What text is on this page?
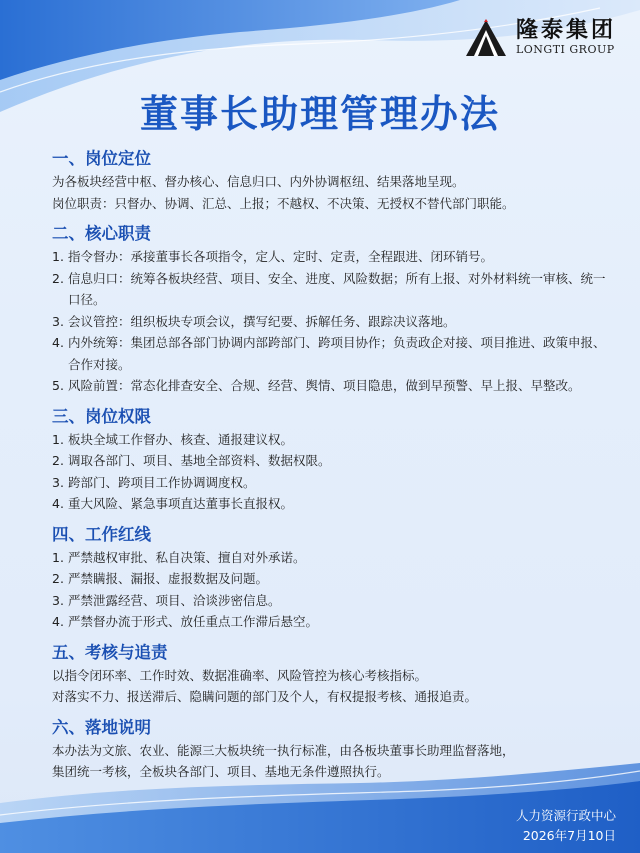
隆泰集团
LONGTI GROUP
董事长助理管理办法
一、岗位定位
为各板块经营中枢、督办核心、信息归口、内外协调枢纽、结果落地呈现。
岗位职责：只督办、协调、汇总、上报；不越权、不决策、无授权不替代部门职能。
二、核心职责
1. 指令督办：承接董事长各项指令，定人、定时、定责，全程跟进、闭环销号。
2. 信息归口：统筹各板块经营、项目、安全、进度、风险数据；所有上报、对外材料统一审核、统一口径。
3. 会议管控：组织板块专项会议，撰写纪要、拆解任务、跟踪决议落地。
4. 内外统筹：集团总部各部门协调内部跨部门、跨项目协作；负责政企对接、项目推进、政策申报、合作对接。
5. 风险前置：常态化排查安全、合规、经营、舆情、项目隐患，做到早预警、早上报、早整改。
三、岗位权限
1. 板块全域工作督办、核查、通报建议权。
2. 调取各部门、项目、基地全部资料、数据权限。
3. 跨部门、跨项目工作协调调度权。
4. 重大风险、紧急事项直达董事长直报权。
四、工作红线
1. 严禁越权审批、私自决策、擅自对外承诺。
2. 严禁瞒报、漏报、虚报数据及问题。
3. 严禁泄露经营、项目、洽谈涉密信息。
4. 严禁督办流于形式、放任重点工作滞后悬空。
五、考核与追责
以指令闭环率、工作时效、数据准确率、风险管控为核心考核指标。
对落实不力、报送滞后、隐瞒问题的部门及个人，有权提报考核、通报追责。
六、落地说明
本办法为文旅、农业、能源三大板块统一执行标准，由各板块董事长助理监督落地，
集团统一考核，全板块各部门、项目、基地无条件遵照执行。
人力资源行政中心
2026年7月10日
